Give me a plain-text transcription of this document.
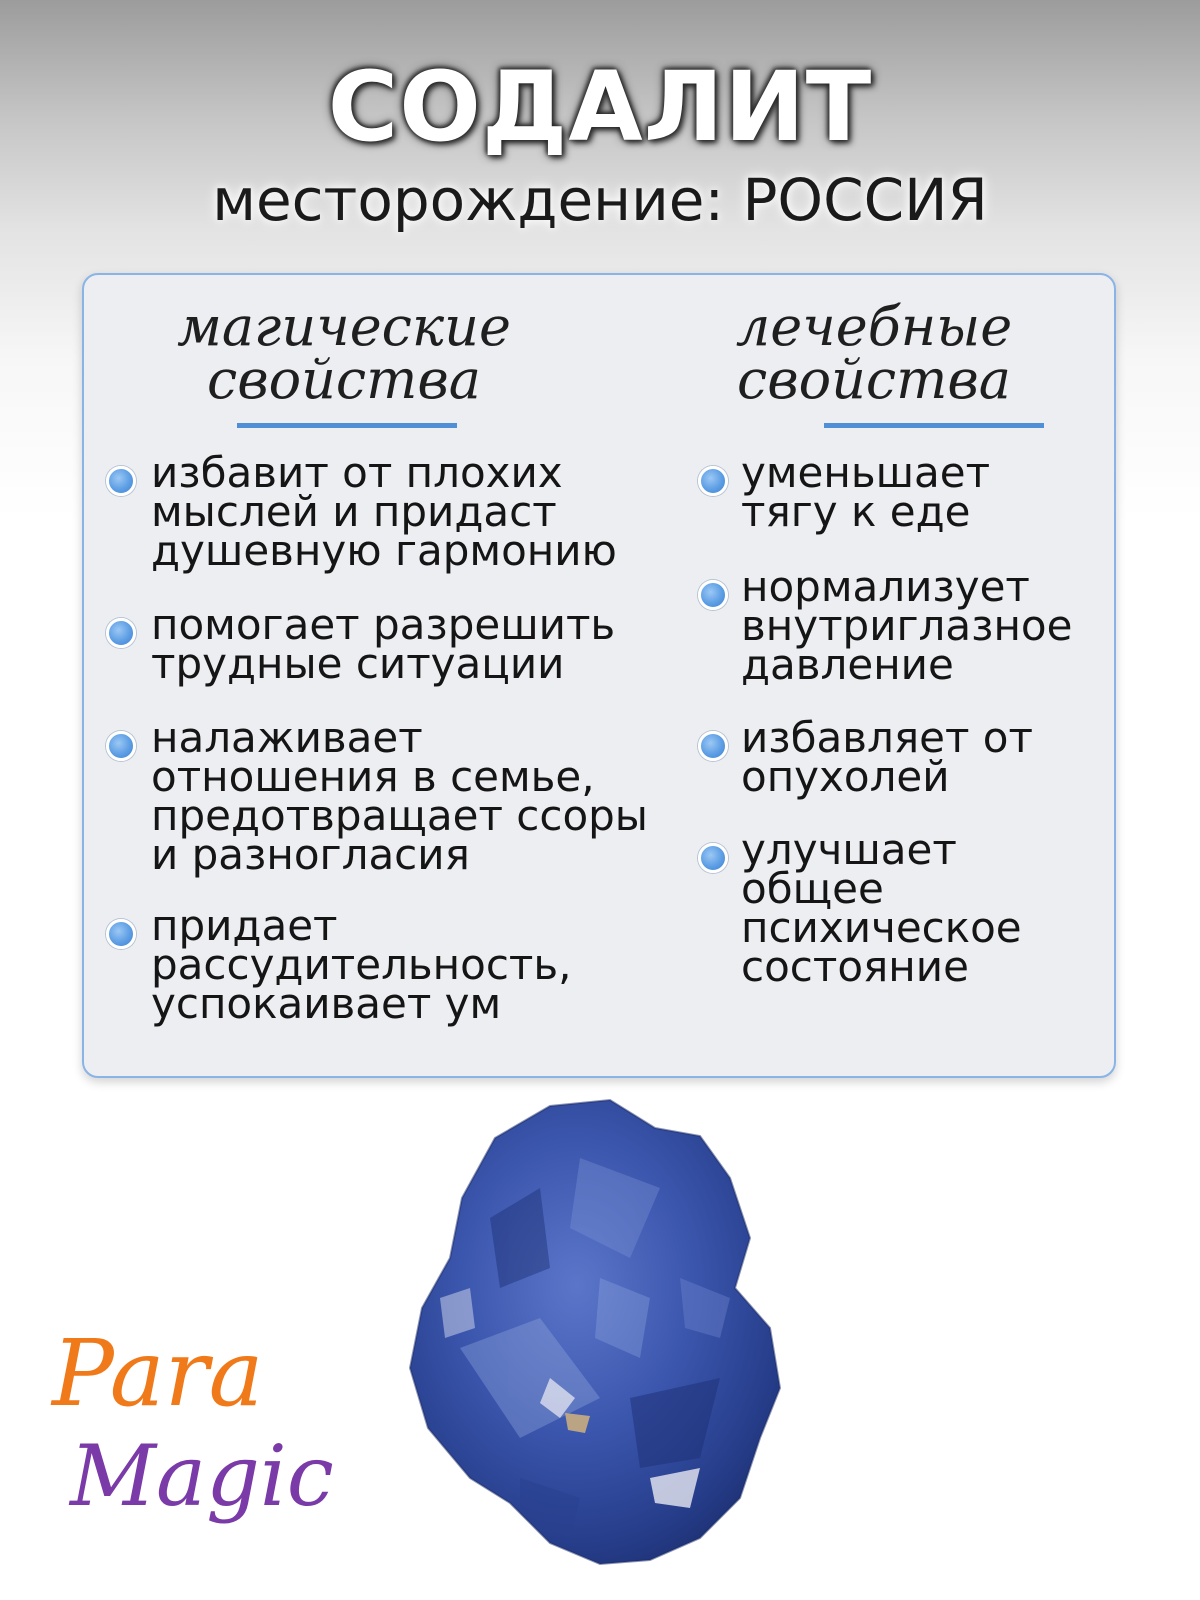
СОДАЛИТ
месторождение: РОССИЯ
магические
свойства
избавит от плохих
мыслей и придаст
душевную гармонию
помогает разрешить
трудные ситуации
налаживает
отношения в семье,
предотвращает ссоры
и разногласия
придает
рассудительность,
успокаивает ум
лечебные
свойства
уменьшает
тягу к еде
нормализует
внутриглазное
давление
избавляет от
опухолей
улучшает
общее
психическое
состояние
Para
Magic
